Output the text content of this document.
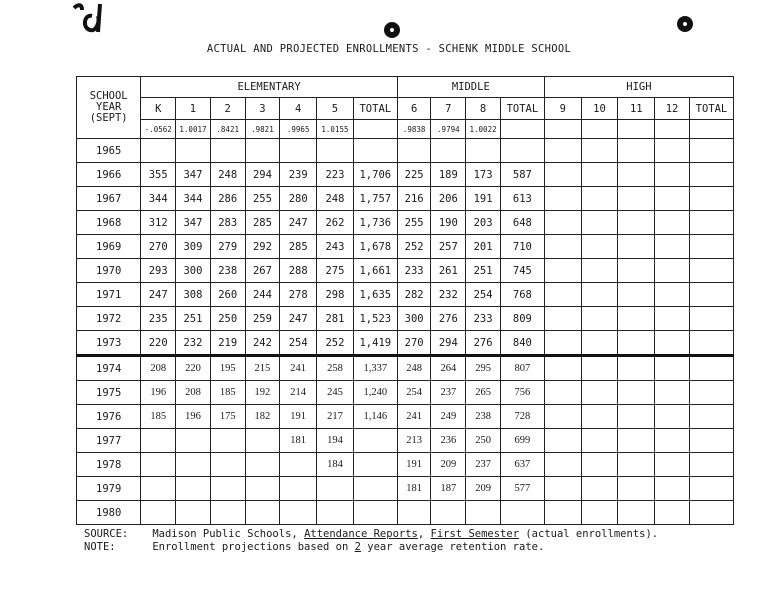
ACTUAL AND PROJECTED ENROLLMENTS - SCHENK MIDDLE SCHOOL
SCHOOL YEAR (SEPT)	ELEMENTARY							MIDDLE				HIGH				
	K	1	2	3	4	5	TOTAL	6	7	8	TOTAL	9	10	11	12	TOTAL
	-.0562	1.0017	.8421	.9821	.9965	1.0155		.9838	.9794	1.0022						
1965																
1966	355	347	248	294	239	223	1,706	225	189	173	587					
1967	344	344	286	255	280	248	1,757	216	206	191	613					
1968	312	347	283	285	247	262	1,736	255	190	203	648					
1969	270	309	279	292	285	243	1,678	252	257	201	710					
1970	293	300	238	267	288	275	1,661	233	261	251	745					
1971	247	308	260	244	278	298	1,635	282	232	254	768					
1972	235	251	250	259	247	281	1,523	300	276	233	809					
1973	220	232	219	242	254	252	1,419	270	294	276	840					
1974	208	220	195	215	241	258	1,337	248	264	295	807					
1975	196	208	185	192	214	245	1,240	254	237	265	756					
1976	185	196	175	182	191	217	1,146	241	249	238	728					
1977					181	194		213	236	250	699					
1978						184		191	209	237	637					
1979								181	187	209	577					
1980																
SOURCE: Madison Public Schools, Attendance Reports, First Semester (actual enrollments).
NOTE:	Enrollment projections based on 2 year average retention rate.
